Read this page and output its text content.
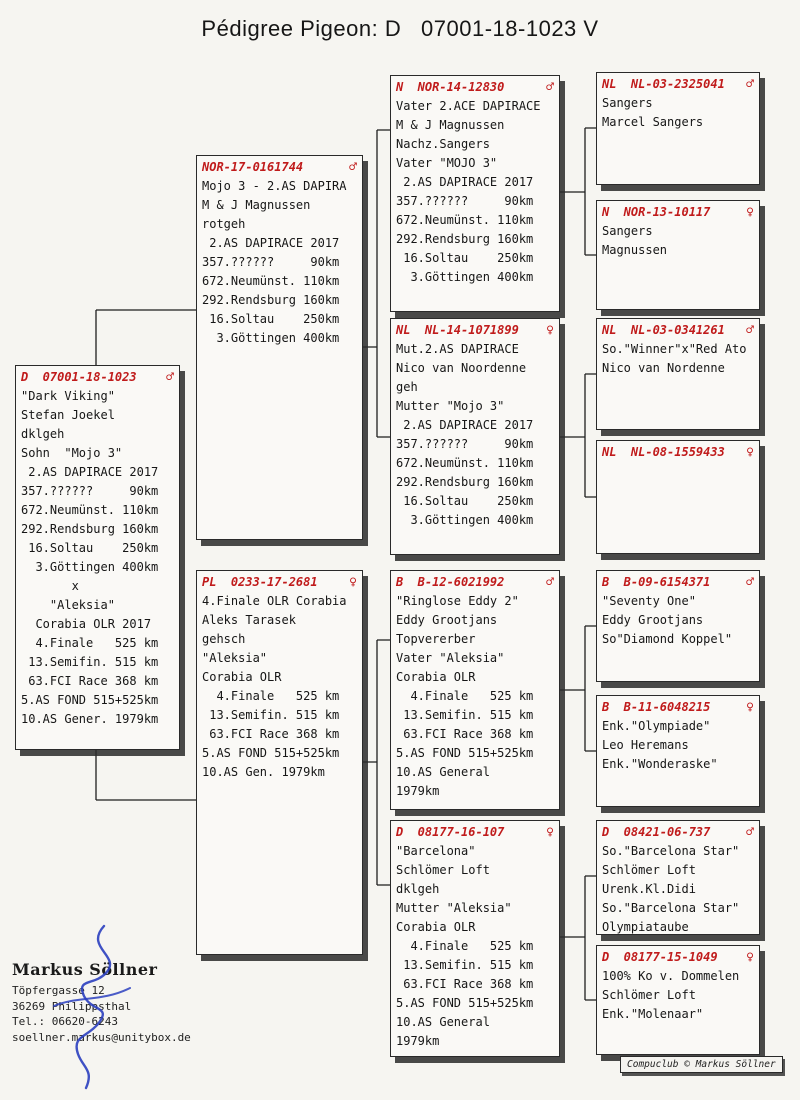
Pédigree Pigeon: D   07001-18-1023 V
D  07001-18-1023 ♂
"Dark Viking"
Stefan Joekel
dklgeh
Sohn  "Mojo 3"
2.AS DAPIRACE 2017
357.??????     90km
672.Neumünst. 110km
292.Rendsburg 160km
16.Soltau    250km
3.Göttingen 400km
x
"Aleksia"
Corabia OLR 2017
4.Finale   525 km
13.Semifin. 515 km
63.FCI Race 368 km
5.AS FOND 515+525km
10.AS Gener. 1979km
NOR-17-0161744	♂
Mojo 3 - 2.AS DAPIRA
M & J Magnussen
rotgeh
2.AS DAPIRACE 2017
357.??????     90km
672.Neumünst. 110km
292.Rendsburg 160km
16.Soltau    250km
3.Göttingen 400km
PL  0233-17-2681 ♀
4.Finale OLR Corabia
Aleks Tarasek
gehsch
"Aleksia"
Corabia OLR
4.Finale   525 km
13.Semifin. 515 km
63.FCI Race 368 km
5.AS FOND 515+525km
10.AS Gen. 1979km
N  NOR-14-12830	♂
Vater 2.ACE DAPIRACE
M & J Magnussen
Nachz.Sangers
Vater "MOJO 3"
2.AS DAPIRACE 2017
357.??????     90km
672.Neumünst. 110km
292.Rendsburg 160km
16.Soltau    250km
3.Göttingen 400km
NL  NL-14-1071899 ♀
Mut.2.AS DAPIRACE
Nico van Noordenne
geh
Mutter "Mojo 3"
2.AS DAPIRACE 2017
357.??????     90km
672.Neumünst. 110km
292.Rendsburg 160km
16.Soltau    250km
3.Göttingen 400km
B  B-12-6021992	♂
"Ringlose Eddy 2"
Eddy Grootjans
Topvererber
Vater "Aleksia"
Corabia OLR
4.Finale   525 km
13.Semifin. 515 km
63.FCI Race 368 km
5.AS FOND 515+525km
10.AS General
1979km
D  08177-16-107	♀
"Barcelona"
Schlömer Loft
dklgeh
Mutter "Aleksia"
Corabia OLR
4.Finale   525 km
13.Semifin. 515 km
63.FCI Race 368 km
5.AS FOND 515+525km
10.AS General
1979km
NL  NL-03-2325041 ♂
Sangers
Marcel Sangers
N  NOR-13-10117	♀
Sangers
Magnussen
NL  NL-03-0341261 ♂
So."Winner"x"Red Ato
Nico van Nordenne
NL  NL-08-1559433 ♀
B  B-09-6154371	♂
"Seventy One"
Eddy Grootjans
So"Diamond Koppel"
B  B-11-6048215	♀
Enk."Olympiade"
Leo Heremans
Enk."Wonderaske"
D  08421-06-737	♂
So."Barcelona Star"
Schlömer Loft
Urenk.Kl.Didi
So."Barcelona Star"
Olympiataube
D  08177-15-1049 ♀
100% Ko v. Dommelen
Schlömer Loft
Enk."Molenaar"
Markus Söllner
Töpfergasse 12
36269 Philippsthal
Tel.: 06620-6243
soellner.markus@unitybox.de
Compuclub © Markus Söllner
